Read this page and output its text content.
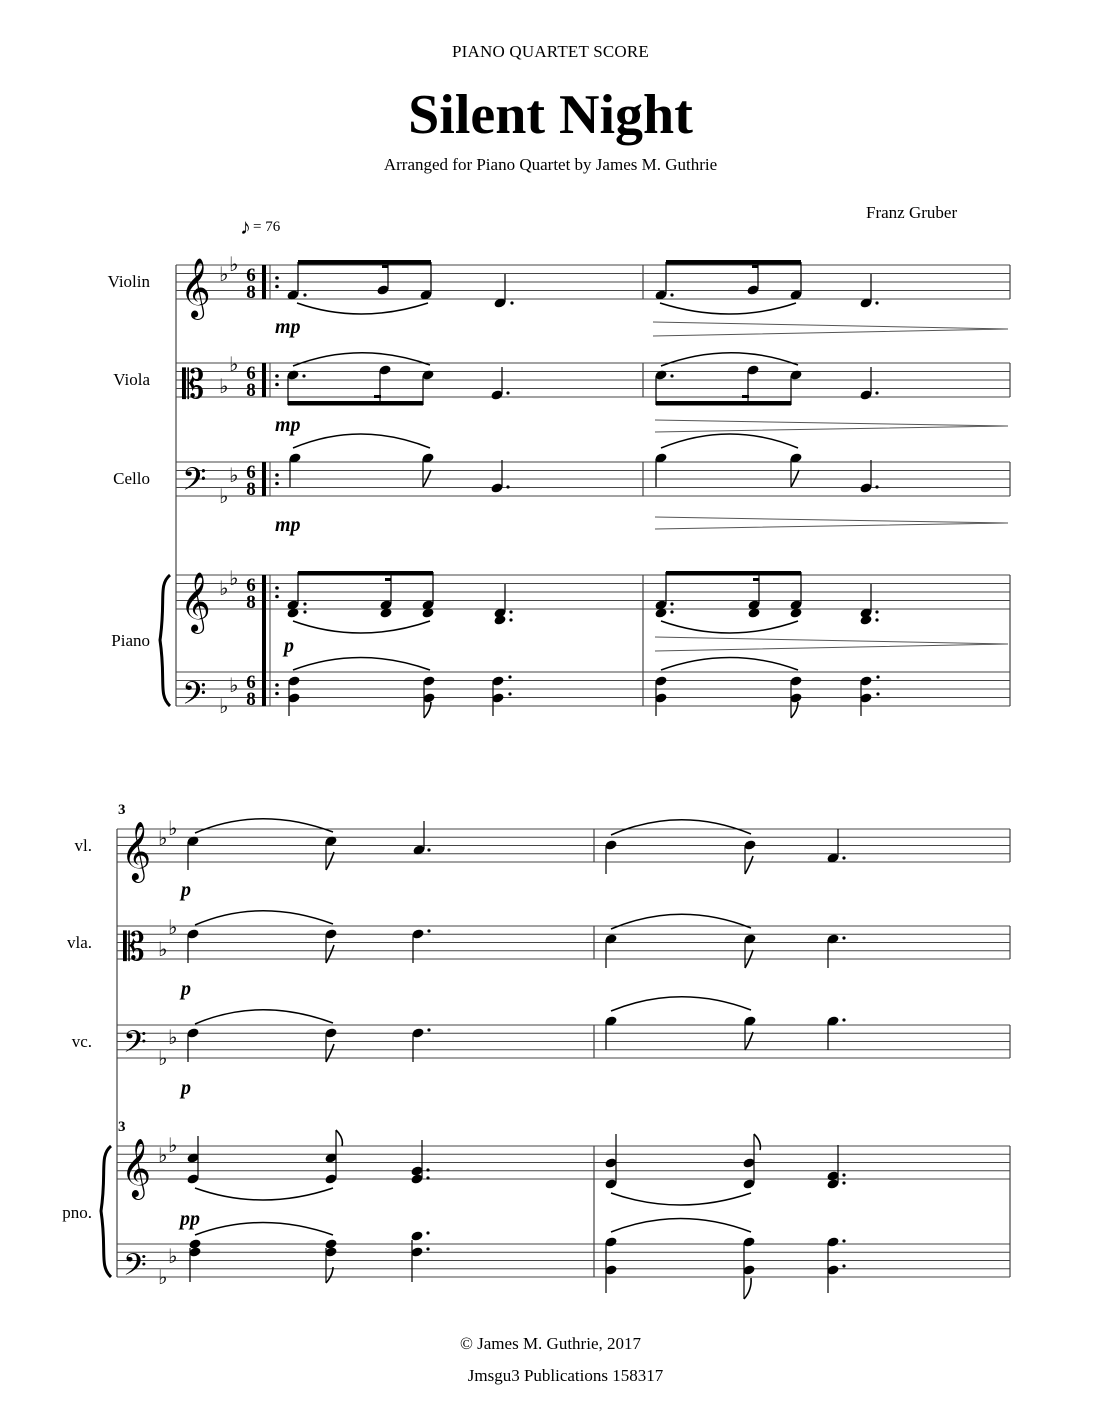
PIANO QUARTET SCORE
Silent Night
Arranged for Piano Quartet by James M. Guthrie
Franz Gruber
♪ = 76
Violin
Viola
Cello
Piano
vl.
vla.
vc.
pno.
𝄞
𝄞
𝄢
𝄢
𝄡
♭ ♭
♭
♭
♭
♭
♭ ♭
♭
♭
6
8
6
8
6
8
6
8
6
8
mp
mp
mp
p
3
3
𝄞
𝄞
𝄢
𝄢
𝄡
♭ ♭
♭
♭
♭
♭
♭ ♭
♭
♭
p
p
p
pp
© James M. Guthrie, 2017
Jmsgu3 Publications 158317
